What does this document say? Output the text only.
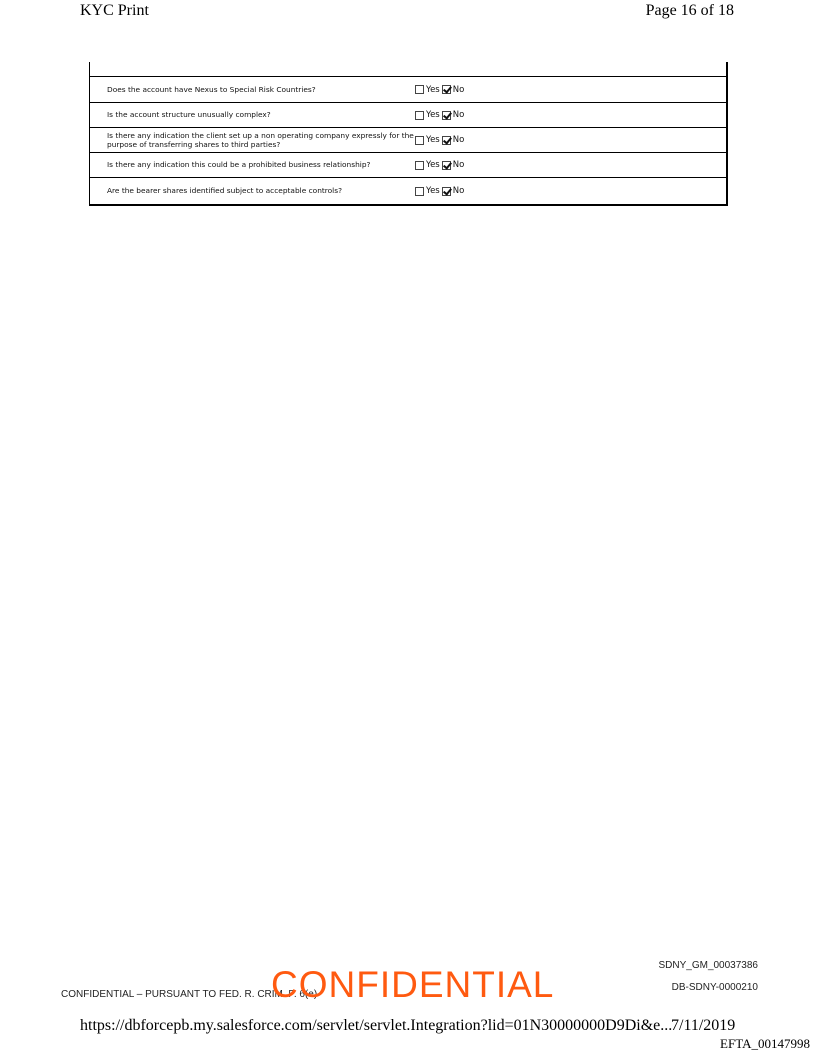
KYC Print	Page 16 of 18
Does the account have Nexus to Special Risk Countries?	Yes No
Is the account structure unusually complex?	Yes No
Is there any indication the client set up a non operating company expressly for the purpose of transferring shares to third parties?	Yes No
Is there any indication this could be a prohibited business relationship?	Yes No
Are the bearer shares identified subject to acceptable controls?	Yes No
SDNY_GM_00037386
DB-SDNY-0000210
CONFIDENTIAL – PURSUANT TO FED. R. CRIM. P. 6(e)
CONFIDENTIAL
https://dbforcepb.my.salesforce.com/servlet/servlet.Integration?lid=01N30000000D9Di&e...
7/11/2019
EFTA_00147998
